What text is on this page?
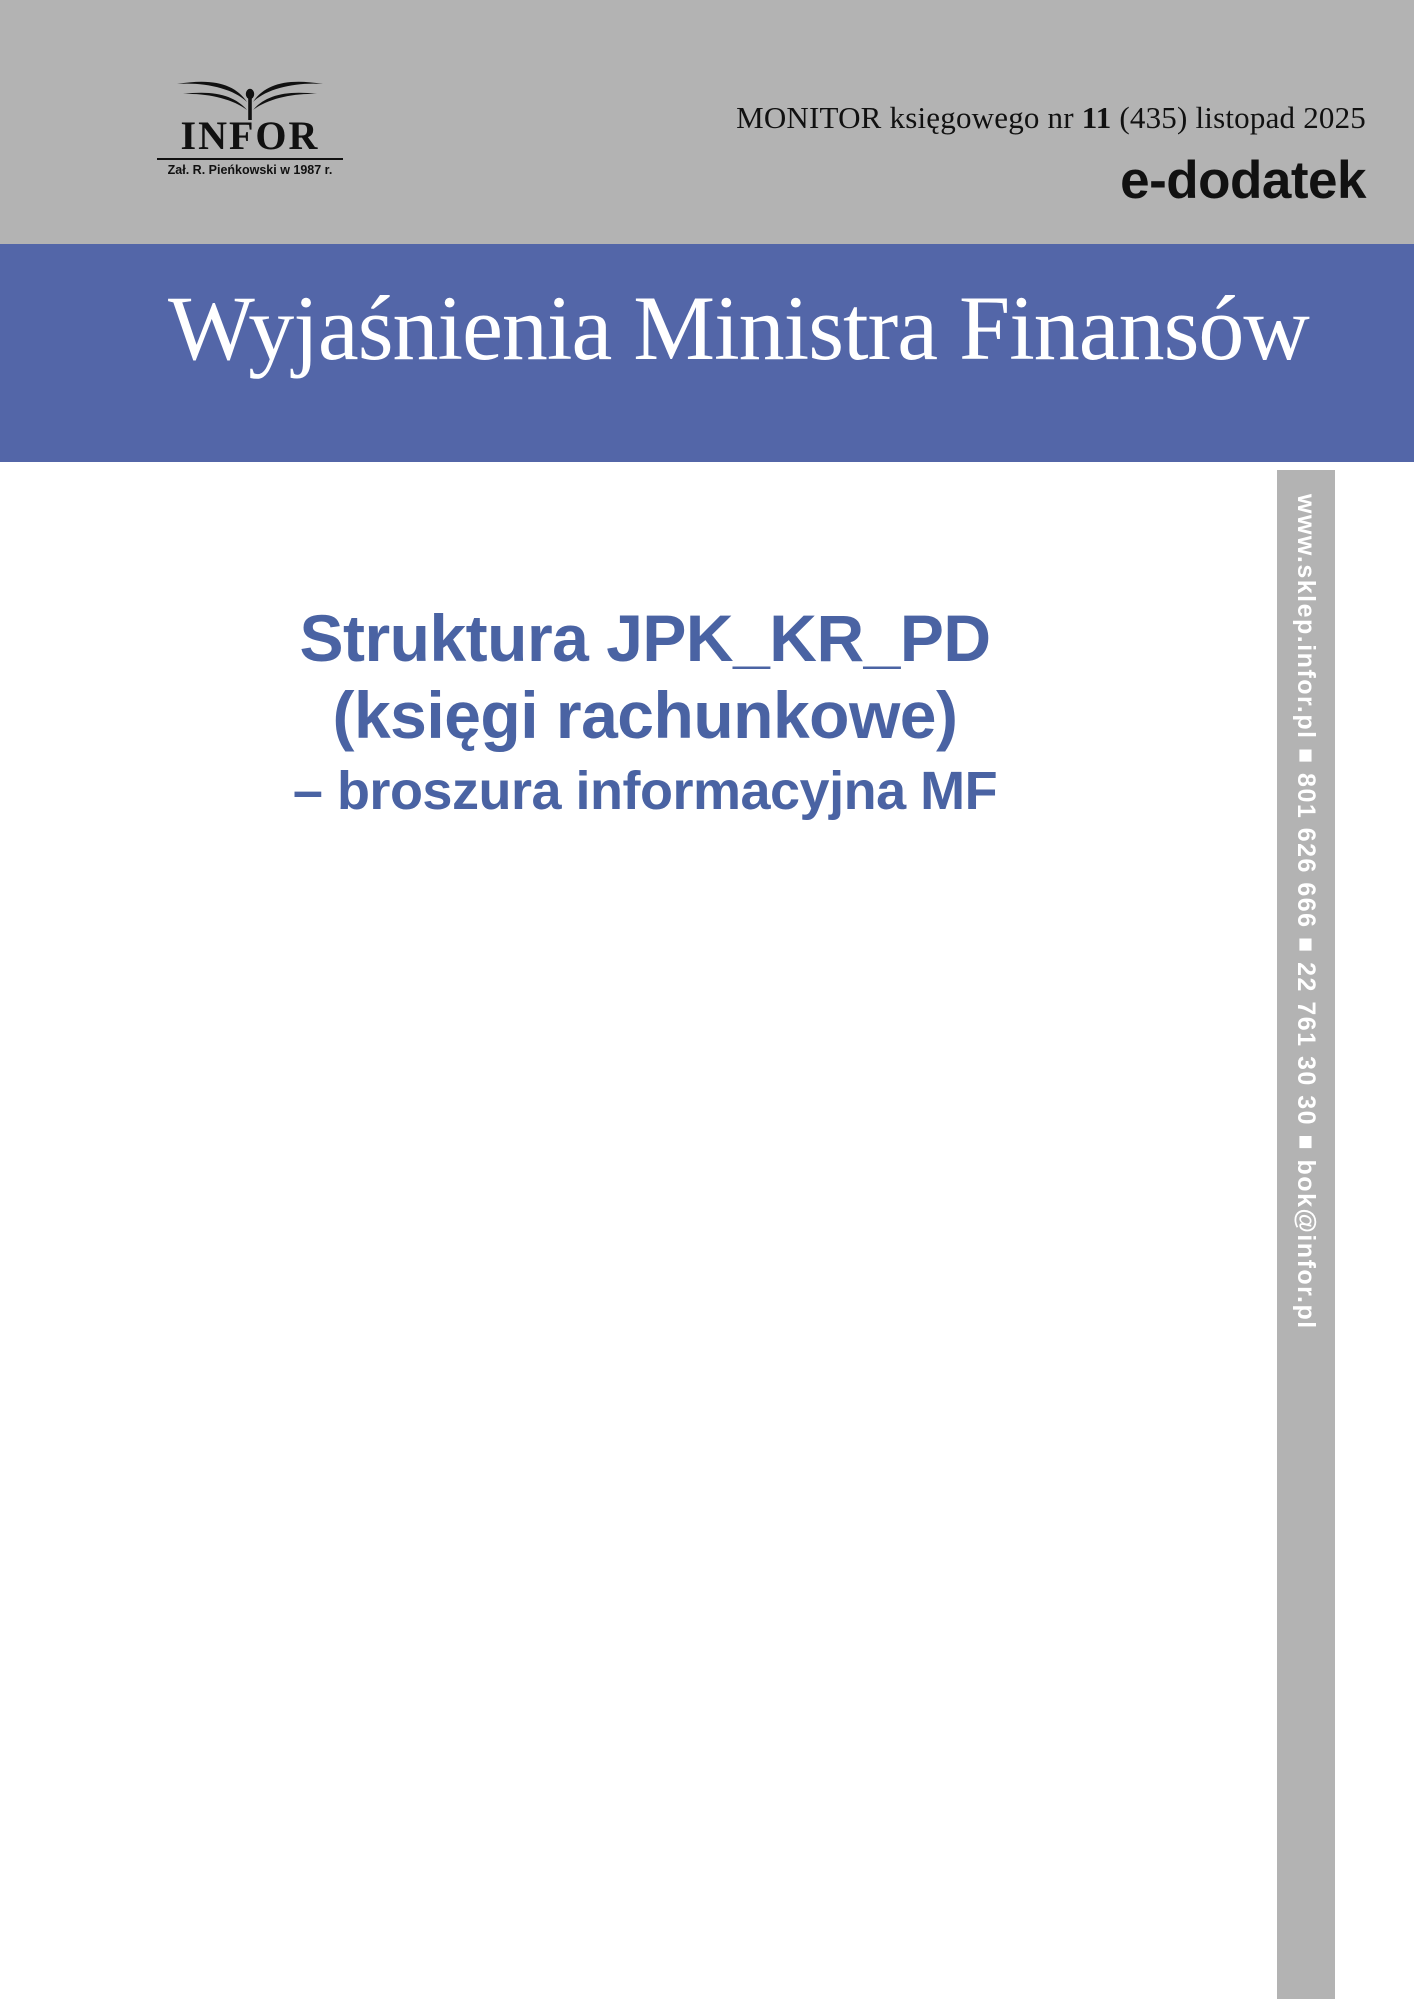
INFOR
Zał. R. Pieńkowski w 1987 r.
MONITOR księgowego nr 11 (435) listopad 2025
e-dodatek
Wyjaśnienia Ministra Finansów
www.sklep.infor.pl ■ 801 626 666 ■ 22 761 30 30 ■ bok@infor.pl
Struktura JPK_KR_PD
(księgi rachunkowe)
– broszura informacyjna MF
